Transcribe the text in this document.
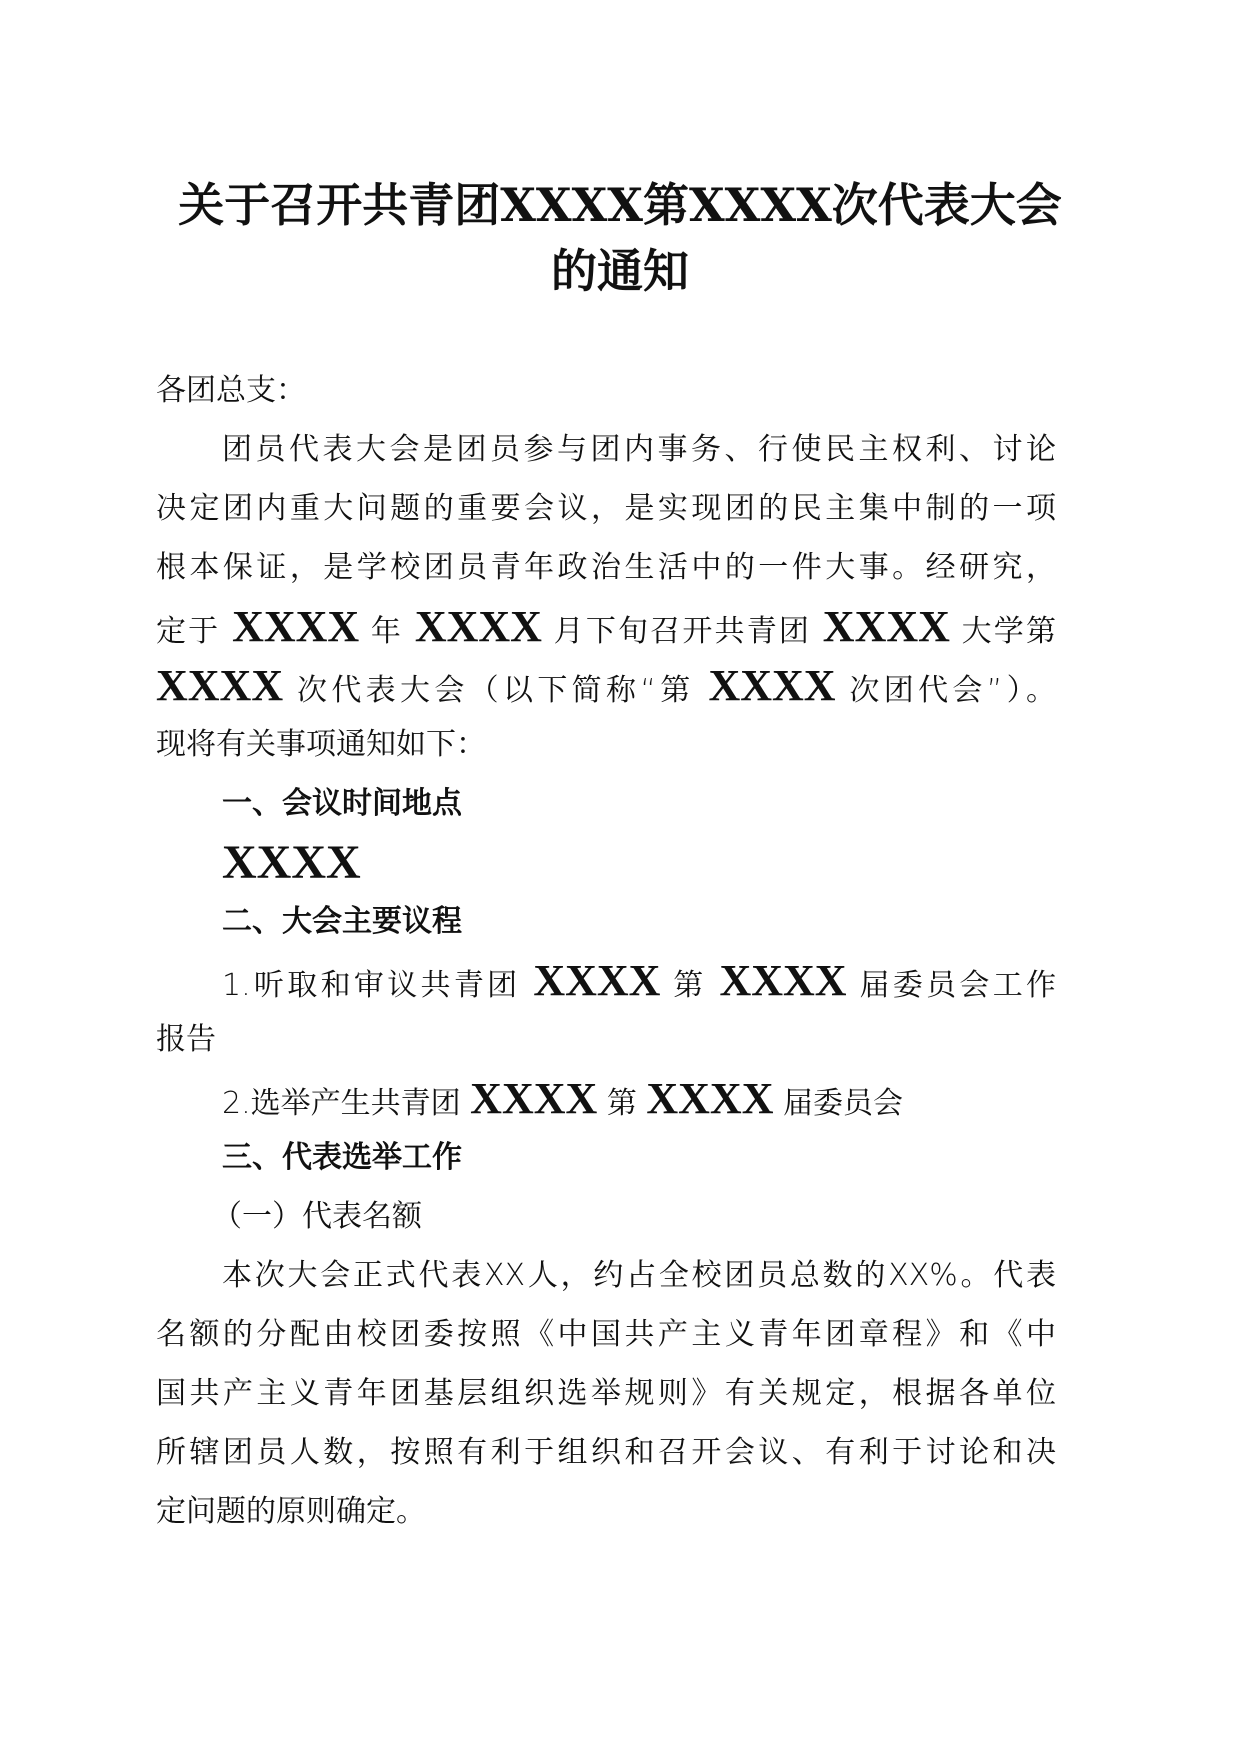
关于召开共青团XXXX第XXXX次代表大会
的通知
各团总支：
团员代表大会是团员参与团内事务、行使民主权利、讨论
决定团内重大问题的重要会议，是实现团的民主集中制的一项
根本保证，是学校团员青年政治生活中的一件大事。经研究，
定于 XXXX 年 XXXX 月下旬召开共青团 XXXX 大学第
XXXX 次代表大会（以下简称“第 XXXX 次团代会”）。
现将有关事项通知如下：
一、会议时间地点
XXXX
二、大会主要议程
1.听取和审议共青团 XXXX 第 XXXX 届委员会工作
报告
2.选举产生共青团 XXXX 第 XXXX 届委员会
三、代表选举工作
（一）代表名额
本次大会正式代表XX人，约占全校团员总数的XX%。代表
名额的分配由校团委按照《中国共产主义青年团章程》和《中
国共产主义青年团基层组织选举规则》有关规定，根据各单位
所辖团员人数，按照有利于组织和召开会议、有利于讨论和决
定问题的原则确定。
